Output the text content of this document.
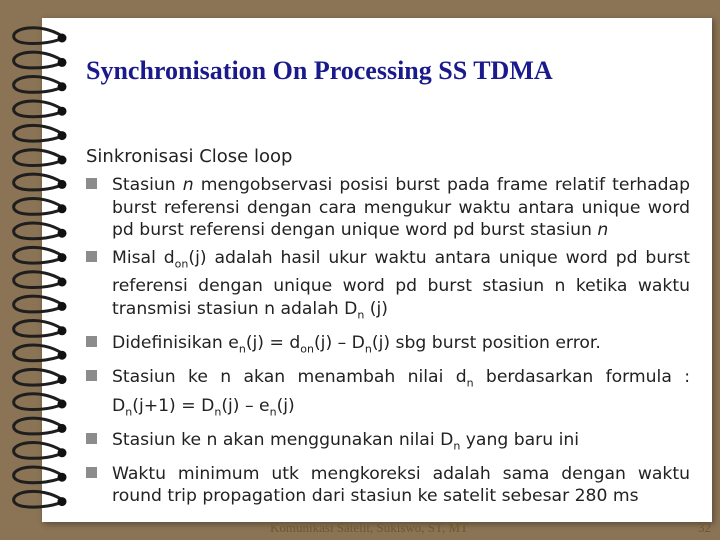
Synchronisation On Processing SS TDMA
Sinkronisasi Close loop
Stasiun n mengobservasi posisi burst pada frame relatif terhadap burst referensi dengan cara mengukur waktu antara unique word pd burst referensi dengan unique word pd burst stasiun n
Misal $d_{on}(j)$ adalah hasil ukur waktu antara unique word pd burst referensi dengan unique word pd burst stasiun n ketika waktu transmisi stasiun n adalah $D_n$ (j)
Didefinisikan $e_n(j) = d_{on}(j) - D_n(j)$ sbg burst position error.
Stasiun ke n akan menambah nilai $d_n$ berdasarkan formula : $D_n(j+1) = D_n(j) - e_n(j)$
Stasiun ke n akan menggunakan nilai $D_n$ yang baru ini
Waktu minimum utk mengkoreksi adalah sama dengan waktu round trip propagation dari stasiun ke satelit sebesar 280 ms
Komunikasi Satelit, Sukiswo, ST, MT	32
